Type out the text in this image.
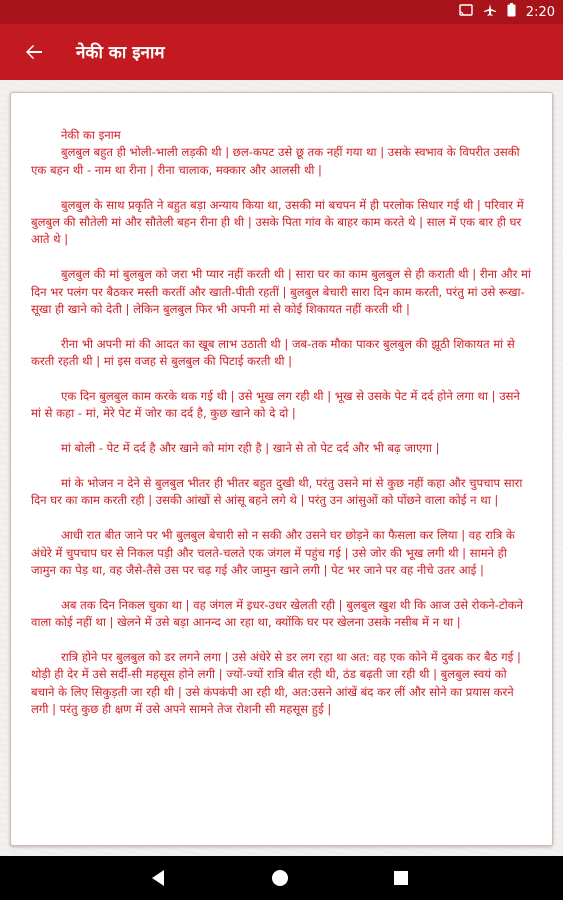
2:20
नेकी का इनाम
नेकी का इनाम

बुलबुल बहुत ही भोली-भाली लड़की थी | छल-कपट उसे छू तक नहीं गया था | उसके स्वभाव के विपरीत उसकी एक बहन थी - नाम था रीना | रीना चालाक, मक्कार और आलसी थी |

बुलबुल के साथ प्रकृति ने बहुत बड़ा अन्याय किया था, उसकी मां बचपन में ही परलोक सिधार गई थी | परिवार में बुलबुल की सौतेली मां और सौतेली बहन रीना ही थी | उसके पिता गांव के बाहर काम करते थे | साल में एक बार ही घर आते थे |

बुलबुल की मां बुलबुल को जरा भी प्यार नहीं करती थी | सारा घर का काम बुलबुल से ही कराती थी | रीना और मां दिन भर पलंग पर बैठकर मस्ती करतीं और खाती-पीती रहतीं | बुलबुल बेचारी सारा दिन काम करती, परंतु मां उसे रूखा-सूखा ही खाने को देती | लेकिन बुलबुल फिर भी अपनी मां से कोई शिकायत नहीं करती थी |

रीना भी अपनी मां की आदत का खूब लाभ उठाती थी | जब-तक मौका पाकर बुलबुल की झूठी शिकायत मां से करती रहती थी | मां इस वजह से बुलबुल की पिटाई करती थी |

एक दिन बुलबुल काम करके थक गई थी | उसे भूख लग रही थी | भूख से उसके पेट में दर्द होने लगा था | उसने मां से कहा - मां, मेरे पेट में जोर का दर्द है, कुछ खाने को दे दो |

मां बोली - पेट में दर्द है और खाने को मांग रही है | खाने से तो पेट दर्द और भी बढ़ जाएगा |

मां के भोजन न देने से बुलबुल भीतर ही भीतर बहुत दुखी थी, परंतु उसने मां से कुछ नहीं कहा और चुपचाप सारा दिन घर का काम करती रही | उसकी आंखों से आंसू बहने लगे थे | परंतु उन आंसुओं को पोंछने वाला कोई न था |

आधी रात बीत जाने पर भी बुलबुल बेचारी सो न सकी और उसने घर छोड़ने का फैसला कर लिया | वह रात्रि के अंधेरे में चुपचाप घर से निकल पड़ी और चलते-चलते एक जंगल में पहुंच गई | उसे जोर की भूख लगी थी | सामने ही जामुन का पेड़ था, वह जैसे-तैसे उस पर चढ़ गई और जामुन खाने लगी | पेट भर जाने पर वह नीचे उतर आई |

अब तक दिन निकल चुका था | वह जंगल में इधर-उधर खेलती रही | बुलबुल खुश थी कि आज उसे रोकने-टोकने वाला कोई नहीं था | खेलने में उसे बड़ा आनन्द आ रहा था, क्योंकि घर पर खेलना उसके नसीब में न था |

रात्रि होने पर बुलबुल को डर लगने लगा | उसे अंधेरे से डर लग रहा था अत: वह एक कोने में दुबक कर बैठ गई | थोड़ी ही देर में उसे सर्दी-सी महसूस होने लगी | ज्यों-ज्यों रात्रि बीत रही थी, ठंड बढ़ती जा रही थी | बुलबुल स्वयं को बचाने के लिए सिकुड़ती जा रही थी | उसे कंपकंपी आ रही थी, अत:उसने आंखें बंद कर लीं और सोने का प्रयास करने लगी | परंतु कुछ ही क्षण में उसे अपने सामने तेज रोशनी सी महसूस हुई |
